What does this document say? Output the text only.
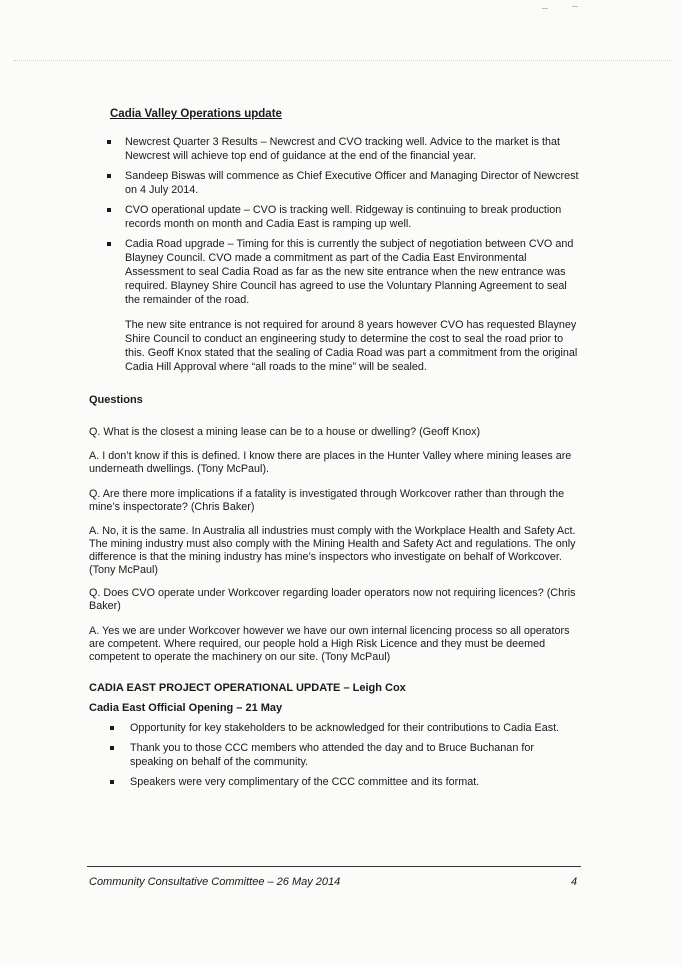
Cadia Valley Operations update
Newcrest Quarter 3 Results – Newcrest and CVO tracking well. Advice to the market is that Newcrest will achieve top end of guidance at the end of the financial year.
Sandeep Biswas will commence as Chief Executive Officer and Managing Director of Newcrest on 4 July 2014.
CVO operational update – CVO is tracking well. Ridgeway is continuing to break production records month on month and Cadia East is ramping up well.
Cadia Road upgrade – Timing for this is currently the subject of negotiation between CVO and Blayney Council. CVO made a commitment as part of the Cadia East Environmental Assessment to seal Cadia Road as far as the new site entrance when the new entrance was required. Blayney Shire Council has agreed to use the Voluntary Planning Agreement to seal the remainder of the road.
The new site entrance is not required for around 8 years however CVO has requested Blayney Shire Council to conduct an engineering study to determine the cost to seal the road prior to this. Geoff Knox stated that the sealing of Cadia Road was part a commitment from the original Cadia Hill Approval where “all roads to the mine” will be sealed.
Questions
Q. What is the closest a mining lease can be to a house or dwelling? (Geoff Knox)
A. I don’t know if this is defined. I know there are places in the Hunter Valley where mining leases are underneath dwellings. (Tony McPaul).
Q. Are there more implications if a fatality is investigated through Workcover rather than through the mine’s inspectorate? (Chris Baker)
A. No, it is the same. In Australia all industries must comply with the Workplace Health and Safety Act. The mining industry must also comply with the Mining Health and Safety Act and regulations. The only difference is that the mining industry has mine’s inspectors who investigate on behalf of Workcover. (Tony McPaul)
Q. Does CVO operate under Workcover regarding loader operators now not requiring licences? (Chris Baker)
A. Yes we are under Workcover however we have our own internal licencing process so all operators are competent. Where required, our people hold a High Risk Licence and they must be deemed competent to operate the machinery on our site. (Tony McPaul)
CADIA EAST PROJECT OPERATIONAL UPDATE – Leigh Cox
Cadia East Official Opening – 21 May
Opportunity for key stakeholders to be acknowledged for their contributions to Cadia East.
Thank you to those CCC members who attended the day and to Bruce Buchanan for speaking on behalf of the community.
Speakers were very complimentary of the CCC committee and its format.
Community Consultative Committee – 26 May 2014	4
